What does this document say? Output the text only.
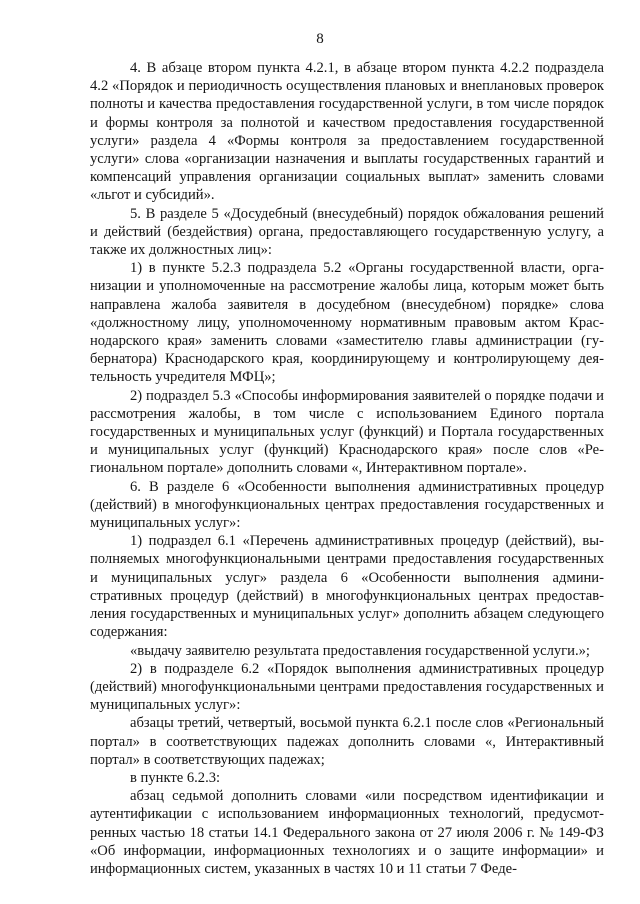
8

4. В абзаце втором пункта 4.2.1, в абзаце втором пункта 4.2.2 подраздела 4.2 «Порядок и периодичность осуществления плановых и внеплановых проверок полноты и качества предоставления государственной услуги, в том числе порядок и формы контроля за полнотой и качеством предоставления государственной услуги» раздела 4 «Формы контроля за предоставлением государственной услуги» слова «организации назначения и выплаты государственных гарантий и компенсаций управления организации социальных выплат» заменить словами «льгот и субсидий».

5. В разделе 5 «Досудебный (внесудебный) порядок обжалования решений и действий (бездействия) органа, предоставляющего государственную услугу, а также их должностных лиц»:

1) в пункте 5.2.3 подраздела 5.2 «Органы государственной власти, организации и уполномоченные на рассмотрение жалобы лица, которым может быть направлена жалоба заявителя в досудебном (внесудебном) порядке» слова «должностному лицу, уполномоченному нормативным правовым актом Краснодарского края» заменить словами «заместителю главы администрации (губернатора) Краснодарского края, координирующему и контролирующему деятельность учредителя МФЦ»;

2) подраздел 5.3 «Способы информирования заявителей о порядке подачи и рассмотрения жалобы, в том числе с использованием Единого портала государственных и муниципальных услуг (функций) и Портала государственных и муниципальных услуг (функций) Краснодарского края» после слов «Региональном портале» дополнить словами «, Интерактивном портале».

6. В разделе 6 «Особенности выполнения административных процедур (действий) в многофункциональных центрах предоставления государственных и муниципальных услуг»:

1) подраздел 6.1 «Перечень административных процедур (действий), выполняемых многофункциональными центрами предоставления государственных и муниципальных услуг» раздела 6 «Особенности выполнения административных процедур (действий) в многофункциональных центрах предоставления государственных и муниципальных услуг» дополнить абзацем следующего содержания:

«выдачу заявителю результата предоставления государственной услуги.»;

2) в подразделе 6.2 «Порядок выполнения административных процедур (действий) многофункциональными центрами предоставления государственных и муниципальных услуг»:

абзацы третий, четвертый, восьмой пункта 6.2.1 после слов «Региональный портал» в соответствующих падежах дополнить словами «, Интерактивный портал» в соответствующих падежах;

в пункте 6.2.3:

абзац седьмой дополнить словами «или посредством идентификации и аутентификации с использованием информационных технологий, предусмотренных частью 18 статьи 14.1 Федерального закона от 27 июля 2006 г. № 149-ФЗ «Об информации, информационных технологиях и о защите информации» и информационных систем, указанных в частях 10 и 11 статьи 7 Феде-
